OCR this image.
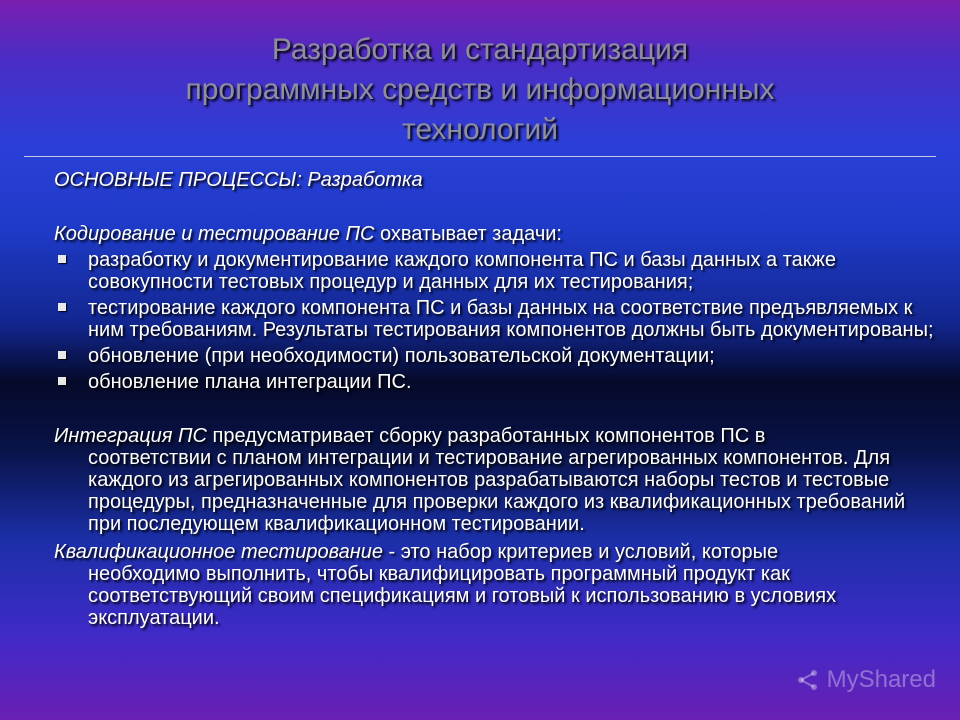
Разработка и стандартизация
программных средств и информационных
технологий
ОСНОВНЫЕ ПРОЦЕССЫ: Разработка
Кодирование и тестирование ПС охватывает задачи:
разработку и документирование каждого компонента ПС и базы данных а также совокупности тестовых процедур и данных для их тестирования;
тестирование каждого компонента ПС и базы данных на соответствие предъявляемых к ним требованиям. Результаты тестирования компонентов должны быть документированы;
обновление (при необходимости) пользовательской документации;
обновление плана интеграции ПС.
Интеграция ПС предусматривает сборку разработанных компонентов ПС в
соответствии с планом интеграции и тестирование агрегированных компонентов. Для каждого из агрегированных компонентов разрабатываются наборы тестов и тестовые процедуры, предназначенные для проверки каждого из квалификационных требований при последующем квалификационном тестировании.
Квалификационное тестирование - это набор критериев и условий, которые
необходимо выполнить, чтобы квалифицировать программный продукт как соответствующий своим спецификациям и готовый к использованию в условиях эксплуатации.
MyShared
